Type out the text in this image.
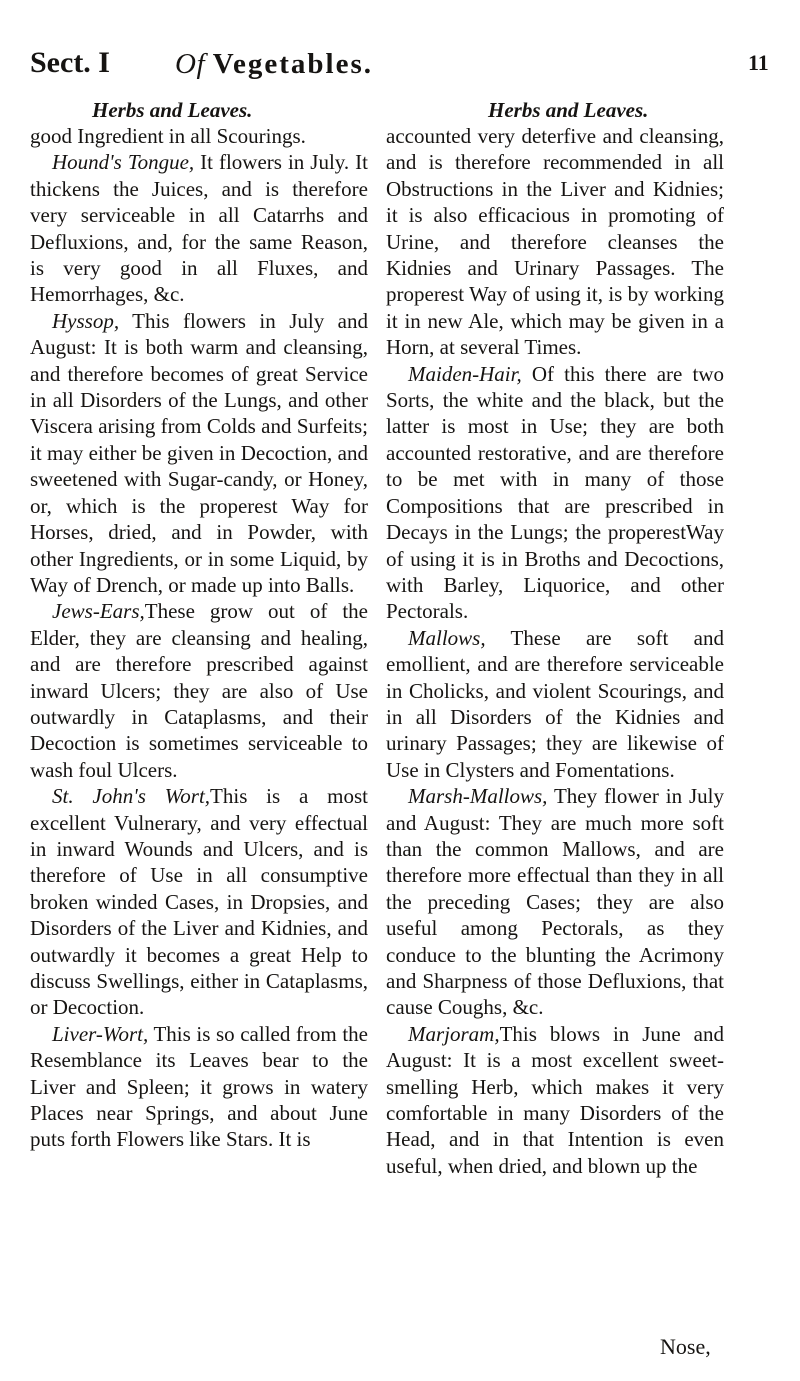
Sect. I Of Vegetables.	11
Herbs and Leaves.	Herbs and Leaves.

good Ingredient in all Scourings.

Hound's Tongue, It flowers in July. It thickens the Juices, and is therefore very serviceable in all Catarrhs and Defluxions, and, for the same Reason, is very good in all Fluxes, and Hemorrhages, &c.

Hyssop, This flowers in July and August: It is both warm and cleansing, and therefore becomes of great Service in all Disorders of the Lungs, and other Viscera arising from Colds and Surfeits; it may either be given in Decoction, and sweetened with Sugar-candy, or Honey, or, which is the properest Way for Horses, dried, and in Powder, with other Ingredients, or in some Liquid, by Way of Drench, or made up into Balls.

Jews-Ears,These grow out of the Elder, they are cleansing and healing, and are therefore prescribed against inward Ulcers; they are also of Use outwardly in Cataplasms, and their Decoction is sometimes serviceable to wash foul Ulcers.

St. John's Wort,This is a most excellent Vulnerary, and very effectual in inward Wounds and Ulcers, and is therefore of Use in all consumptive broken winded Cases, in Dropsies, and Disorders of the Liver and Kidnies, and outwardly it becomes a great Help to discuss Swellings, either in Cataplasms, or Decoction.

Liver-Wort, This is so called from the Resemblance its Leaves bear to the Liver and Spleen; it grows in watery Places near Springs, and about June puts forth Flowers like Stars. It is

accounted very deterfive and cleansing, and is therefore recommended in all Obstructions in the Liver and Kidnies; it is also efficacious in promoting of Urine, and therefore cleanses the Kidnies and Urinary Passages. The properest Way of using it, is by working it in new Ale, which may be given in a Horn, at several Times.

Maiden-Hair, Of this there are two Sorts, the white and the black, but the latter is most in Use; they are both accounted restorative, and are therefore to be met with in many of those Compositions that are prescribed in Decays in the Lungs; the properestWay of using it is in Broths and Decoctions, with Barley, Liquorice, and other Pectorals.

Mallows, These are soft and emollient, and are therefore serviceable in Cholicks, and violent Scourings, and in all Disorders of the Kidnies and urinary Passages; they are likewise of Use in Clysters and Fomentations.

Marsh-Mallows, They flower in July and August: They are much more soft than the common Mallows, and are therefore more effectual than they in all the preceding Cases; they are also useful among Pectorals, as they conduce to the blunting the Acrimony and Sharpness of those Defluxions, that cause Coughs, &c.

Marjoram,This blows in June and August: It is a most excellent sweet-smelling Herb, which makes it very comfortable in many Disorders of the Head, and in that Intention is even useful, when dried, and blown up the

Nose,
